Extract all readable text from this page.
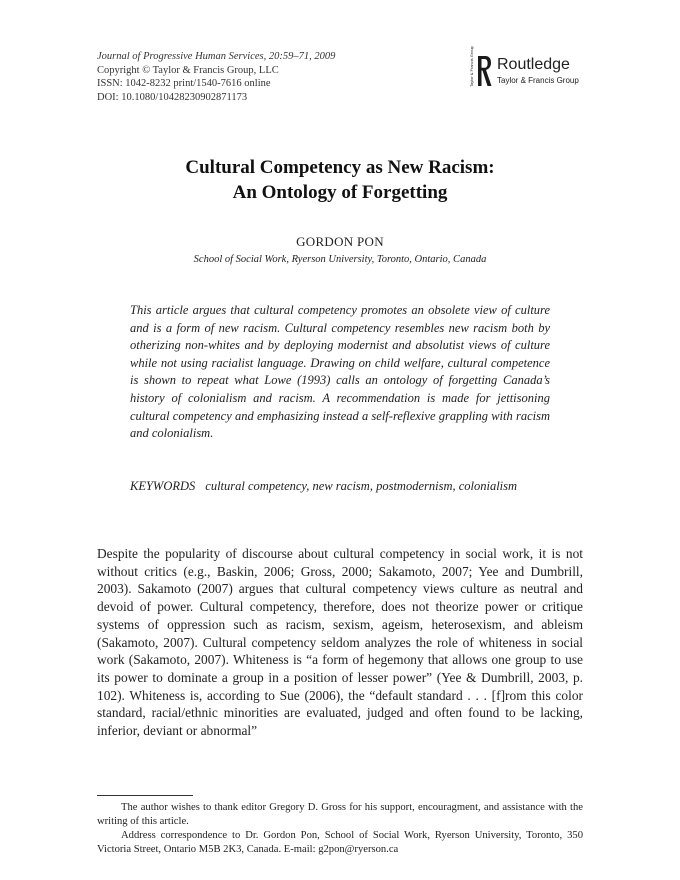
Journal of Progressive Human Services, 20:59–71, 2009
Copyright © Taylor & Francis Group, LLC
ISSN: 1042-8232 print/1540-7616 online
DOI: 10.1080/10428230902871173
Taylor & Francis Group Routledge
Taylor & Francis Group
Cultural Competency as New Racism:
An Ontology of Forgetting
GORDON PON
School of Social Work, Ryerson University, Toronto, Ontario, Canada

This article argues that cultural competency promotes an obsolete view of culture and is a form of new racism. Cultural competency resembles new racism both by otherizing non-whites and by deploying modernist and absolutist views of culture while not using racialist language. Drawing on child welfare, cultural competence is shown to repeat what Lowe (1993) calls an ontology of forgetting Canada’s history of colonialism and racism. A recommendation is made for jettisoning cultural competency and emphasizing instead a self-reflexive grappling with racism and colonialism.

KEYWORDS cultural competency, new racism, postmodernism, colonialism

Despite the popularity of discourse about cultural competency in social work, it is not without critics (e.g., Baskin, 2006; Gross, 2000; Sakamoto, 2007; Yee and Dumbrill, 2003). Sakamoto (2007) argues that cultural competency views culture as neutral and devoid of power. Cultural competency, therefore, does not theorize power or critique systems of oppression such as racism, sexism, ageism, heterosexism, and ableism (Sakamoto, 2007). Cultural competency seldom analyzes the role of whiteness in social work (Sakamoto, 2007). Whiteness is “a form of hegemony that allows one group to use its power to dominate a group in a position of lesser power” (Yee & Dumbrill, 2003, p. 102). Whiteness is, according to Sue (2006), the “default standard . . . [f]rom this color standard, racial/ethnic minorities are evaluated, judged and often found to be lacking, inferior, deviant or abnormal”

The author wishes to thank editor Gregory D. Gross for his support, encouragment, and assistance with the writing of this article.

Address correspondence to Dr. Gordon Pon, School of Social Work, Ryerson University, Toronto, 350 Victoria Street, Ontario M5B 2K3, Canada. E-mail: g2pon@ryerson.ca
